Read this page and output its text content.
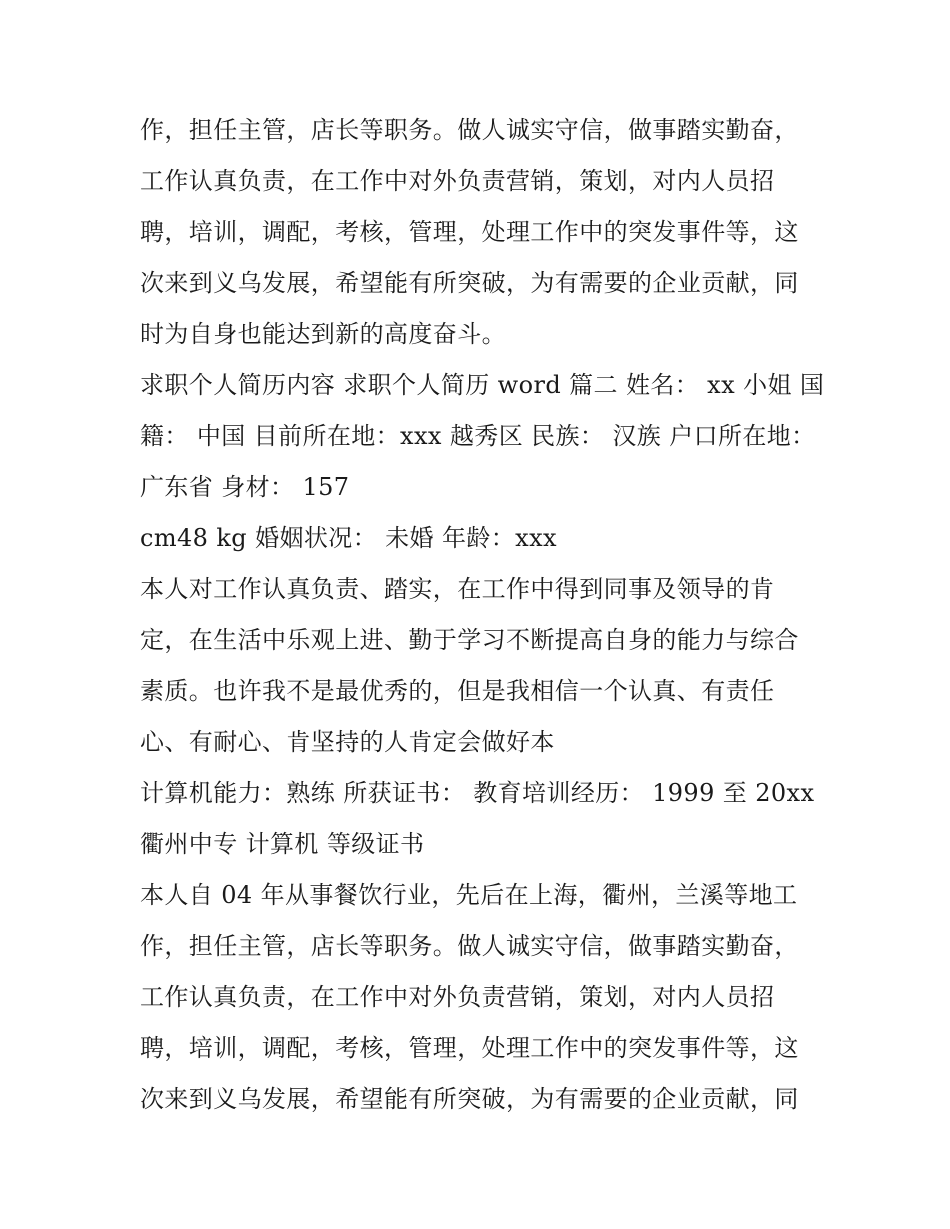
作，担任主管，店长等职务。做人诚实守信，做事踏实勤奋，
工作认真负责，在工作中对外负责营销，策划，对内人员招
聘，培训，调配，考核，管理，处理工作中的突发事件等，这
次来到义乌发展，希望能有所突破，为有需要的企业贡献，同
时为自身也能达到新的高度奋斗。
求职个人简历内容 求职个人简历 word 篇二 姓名： xx 小姐 国
籍： 中国 目前所在地：xxx 越秀区 民族： 汉族 户口所在地：
广东省 身材： 157
cm48 kg 婚姻状况： 未婚 年龄：xxx
本人对工作认真负责、踏实，在工作中得到同事及领导的肯
定，在生活中乐观上进、勤于学习不断提高自身的能力与综合
素质。也许我不是最优秀的，但是我相信一个认真、有责任
心、有耐心、肯坚持的人肯定会做好本
计算机能力：熟练 所获证书： 教育培训经历： 1999 至 20xx
衢州中专 计算机 等级证书
本人自 04 年从事餐饮行业，先后在上海，衢州，兰溪等地工
作，担任主管，店长等职务。做人诚实守信，做事踏实勤奋，
工作认真负责，在工作中对外负责营销，策划，对内人员招
聘，培训，调配，考核，管理，处理工作中的突发事件等，这
次来到义乌发展，希望能有所突破，为有需要的企业贡献，同
